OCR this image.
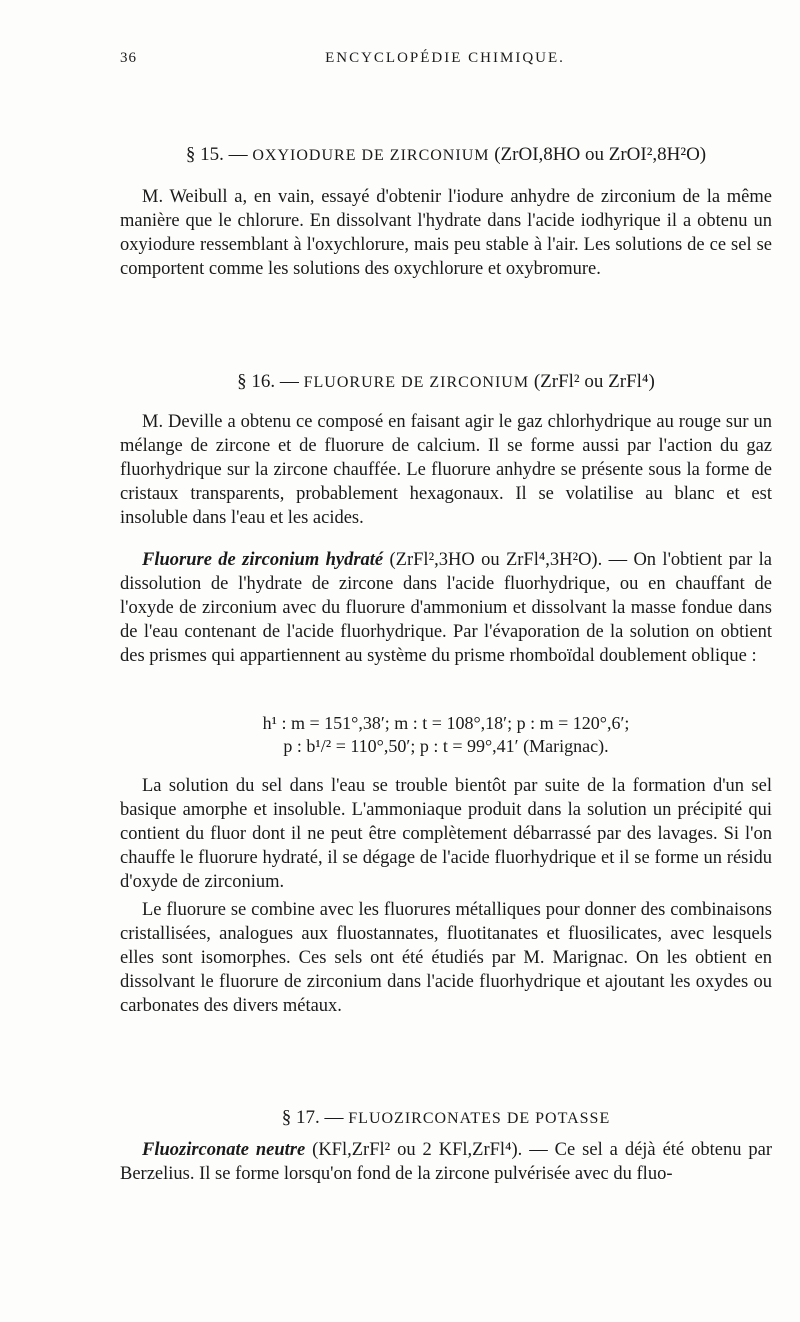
36	ENCYCLOPÉDIE CHIMIQUE.
§ 15. — OXYIODURE DE ZIRCONIUM (ZrOI,8HO ou ZrOI²,8H²O)

M. Weibull a, en vain, essayé d'obtenir l'iodure anhydre de zirconium de la même manière que le chlorure. En dissolvant l'hydrate dans l'acide iodhyrique il a obtenu un oxyiodure ressemblant à l'oxychlorure, mais peu stable à l'air. Les solutions de ce sel se comportent comme les solutions des oxychlorure et oxybromure.

§ 16. — FLUORURE DE ZIRCONIUM (ZrFl² ou ZrFl⁴)

M. Deville a obtenu ce composé en faisant agir le gaz chlorhydrique au rouge sur un mélange de zircone et de fluorure de calcium. Il se forme aussi par l'action du gaz fluorhydrique sur la zircone chauffée. Le fluorure anhydre se présente sous la forme de cristaux transparents, probablement hexagonaux. Il se volatilise au blanc et est insoluble dans l'eau et les acides.

Fluorure de zirconium hydraté (ZrFl²,3HO ou ZrFl⁴,3H²O). — On l'obtient par la dissolution de l'hydrate de zircone dans l'acide fluorhydrique, ou en chauffant de l'oxyde de zirconium avec du fluorure d'ammonium et dissolvant la masse fondue dans de l'eau contenant de l'acide fluorhydrique. Par l'évaporation de la solution on obtient des prismes qui appartiennent au système du prisme rhomboïdal doublement oblique :

h¹ : m = 151°,38′; m : t = 108°,18′; p : m = 120°,6′;
p : b¹/² = 110°,50′; p : t = 99°,41′ (Marignac).

La solution du sel dans l'eau se trouble bientôt par suite de la formation d'un sel basique amorphe et insoluble. L'ammoniaque produit dans la solution un précipité qui contient du fluor dont il ne peut être complètement débarrassé par des lavages. Si l'on chauffe le fluorure hydraté, il se dégage de l'acide fluorhydrique et il se forme un résidu d'oxyde de zirconium.

Le fluorure se combine avec les fluorures métalliques pour donner des combinaisons cristallisées, analogues aux fluostannates, fluotitanates et fluosilicates, avec lesquels elles sont isomorphes. Ces sels ont été étudiés par M. Marignac. On les obtient en dissolvant le fluorure de zirconium dans l'acide fluorhydrique et ajoutant les oxydes ou carbonates des divers métaux.

§ 17. — FLUOZIRCONATES DE POTASSE

Fluozirconate neutre (KFl,ZrFl² ou 2 KFl,ZrFl⁴). — Ce sel a déjà été obtenu par Berzelius. Il se forme lorsqu'on fond de la zircone pulvérisée avec du fluo-
